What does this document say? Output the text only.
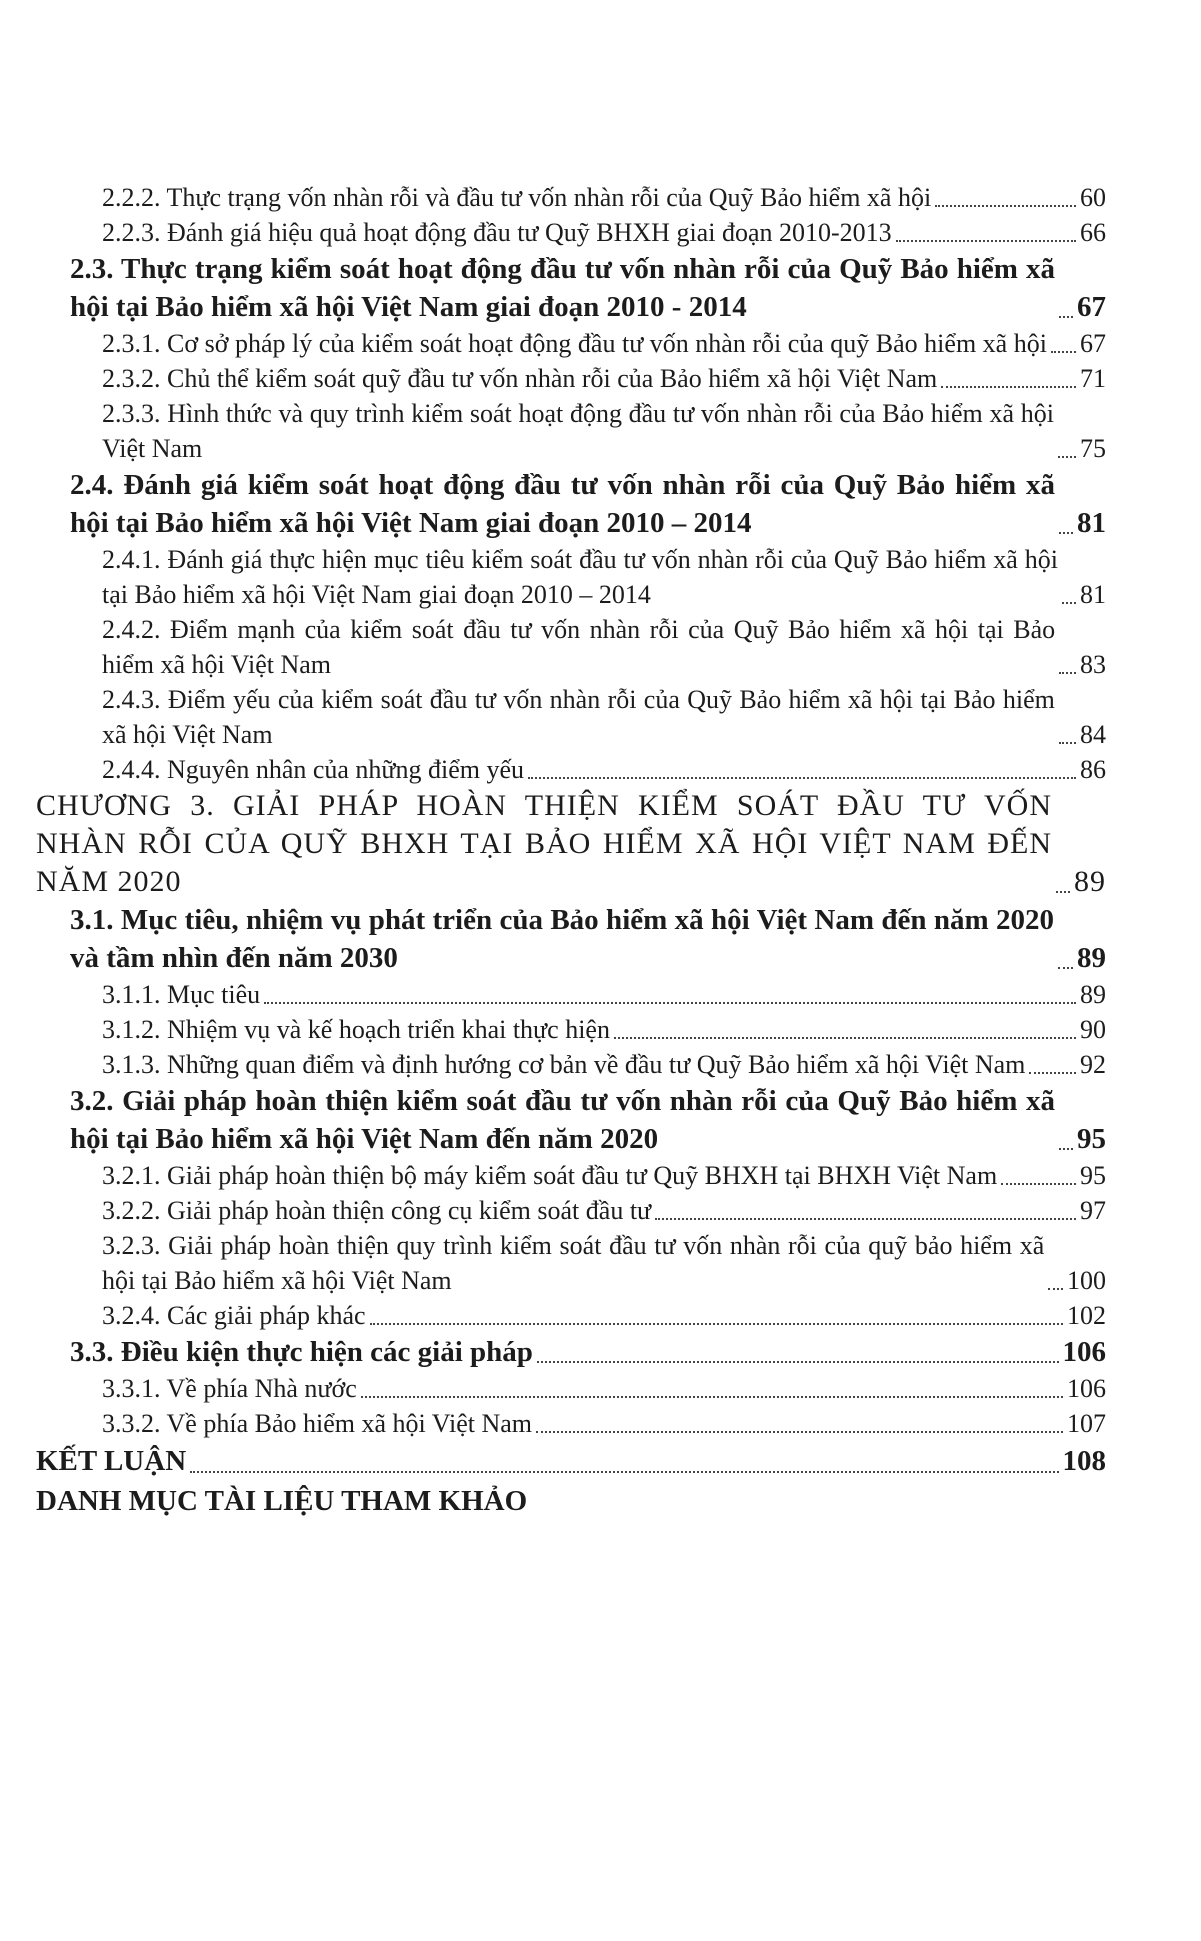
2.2.2. Thực trạng vốn nhàn rỗi và đầu tư vốn nhàn rỗi của Quỹ Bảo hiểm xã hội	60
2.2.3. Đánh giá hiệu quả hoạt động đầu tư Quỹ BHXH giai đoạn 2010-2013	66
2.3. Thực trạng kiểm soát hoạt động đầu tư vốn nhàn rỗi của Quỹ Bảo hiểm xã hội tại Bảo hiểm xã hội Việt Nam giai đoạn 2010 - 2014	67
2.3.1. Cơ sở pháp lý của kiểm soát hoạt động đầu tư vốn nhàn rỗi của quỹ Bảo hiểm xã hội 67
2.3.2. Chủ thể kiểm soát quỹ đầu tư vốn nhàn rỗi của Bảo hiểm xã hội Việt Nam	71
2.3.3. Hình thức và quy trình kiểm soát hoạt động đầu tư vốn nhàn rỗi của Bảo hiểm xã hội Việt Nam	75
2.4. Đánh giá kiểm soát hoạt động đầu tư vốn nhàn rỗi của Quỹ Bảo hiểm xã hội tại Bảo hiểm xã hội Việt Nam giai đoạn 2010 – 2014	81
2.4.1. Đánh giá thực hiện mục tiêu kiểm soát đầu tư vốn nhàn rỗi của Quỹ Bảo hiểm xã hội tại Bảo hiểm xã hội Việt Nam giai đoạn 2010 – 2014	81
2.4.2. Điểm mạnh của kiểm soát đầu tư vốn nhàn rỗi của Quỹ Bảo hiểm xã hội tại Bảo hiểm xã hội Việt Nam	83
2.4.3. Điểm yếu của kiểm soát đầu tư vốn nhàn rỗi của Quỹ Bảo hiểm xã hội tại Bảo hiểm xã hội Việt Nam	84
2.4.4. Nguyên nhân của những điểm yếu	86
CHƯƠNG 3. GIẢI PHÁP HOÀN THIỆN KIỂM SOÁT ĐẦU TƯ VỐN NHÀN RỖI CỦA QUỸ BHXH TẠI BẢO HIỂM XÃ HỘI VIỆT NAM ĐẾN NĂM 2020	89
3.1. Mục tiêu, nhiệm vụ phát triển của Bảo hiểm xã hội Việt Nam đến năm 2020 và tầm nhìn đến năm 2030	89
3.1.1. Mục tiêu	89
3.1.2. Nhiệm vụ và kế hoạch triển khai thực hiện	90
3.1.3. Những quan điểm và định hướng cơ bản về đầu tư Quỹ Bảo hiểm xã hội Việt Nam 92
3.2. Giải pháp hoàn thiện kiểm soát đầu tư vốn nhàn rỗi của Quỹ Bảo hiểm xã hội tại Bảo hiểm xã hội Việt Nam đến năm 2020	95
3.2.1. Giải pháp hoàn thiện bộ máy kiểm soát đầu tư Quỹ BHXH tại BHXH Việt Nam	95
3.2.2. Giải pháp hoàn thiện công cụ kiểm soát đầu tư	97
3.2.3. Giải pháp hoàn thiện quy trình kiểm soát đầu tư vốn nhàn rỗi của quỹ bảo hiểm xã hội tại Bảo hiểm xã hội Việt Nam	100
3.2.4. Các giải pháp khác	102
3.3. Điều kiện thực hiện các giải pháp	106
3.3.1. Về phía Nhà nước	106
3.3.2. Về phía Bảo hiểm xã hội Việt Nam	107
KẾT LUẬN	108
DANH MỤC TÀI LIỆU THAM KHẢO
